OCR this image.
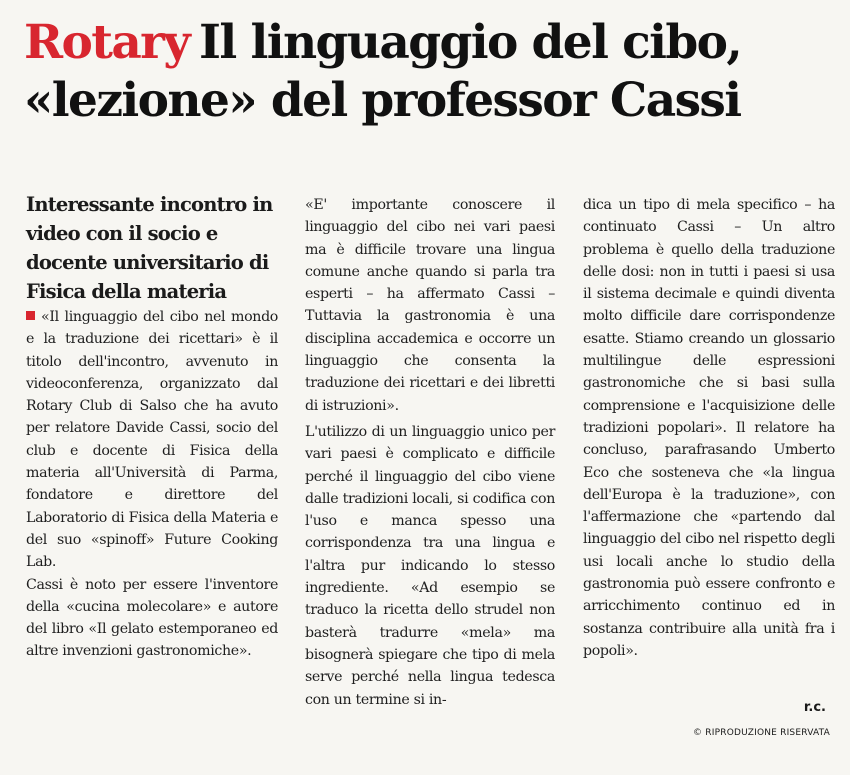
Rotary Il linguaggio del cibo,
«lezione» del professor Cassi

Interessante incontro in video con il socio e docente universitario di Fisica della materia

«Il linguaggio del cibo nel mondo e la traduzione dei ricettari» è il titolo dell'incontro, avvenuto in videoconferenza, organizzato dal Rotary Club di Salso che ha avuto per relatore Davide Cassi, socio del club e docente di Fisica della materia all'Università di Parma, fondatore e direttore del Laboratorio di Fisica della Materia e del suo «spinoff» Future Cooking Lab.

Cassi è noto per essere l'inventore della «cucina molecolare» e autore del libro «Il gelato estemporaneo ed altre invenzioni gastronomiche».

«E' importante conoscere il linguaggio del cibo nei vari paesi ma è difficile trovare una lingua comune anche quando si parla tra esperti – ha affermato Cassi – Tuttavia la gastronomia è una disciplina accademica e occorre un linguaggio che consenta la traduzione dei ricettari e dei libretti di istruzioni».

L'utilizzo di un linguaggio unico per vari paesi è complicato e difficile perché il linguaggio del cibo viene dalle tradizioni locali, si codifica con l'uso e manca spesso una corrispondenza tra una lingua e l'altra pur indicando lo stesso ingrediente. «Ad esempio se traduco la ricetta dello strudel non basterà tradurre «mela» ma bisognerà spiegare che tipo di mela serve perché nella lingua tedesca con un termine si in-

dica un tipo di mela specifico – ha continuato Cassi – Un altro problema è quello della traduzione delle dosi: non in tutti i paesi si usa il sistema decimale e quindi diventa molto difficile dare corrispondenze esatte. Stiamo creando un glossario multilingue delle espressioni gastronomiche che si basi sulla comprensione e l'acquisizione delle tradizioni popolari». Il relatore ha concluso, parafrasando Umberto Eco che sosteneva che «la lingua dell'Europa è la traduzione», con l'affermazione che «partendo dal linguaggio del cibo nel rispetto degli usi locali anche lo studio della gastronomia può essere confronto e arricchimento continuo ed in sostanza contribuire alla unità fra i popoli».

r.c.
© RIPRODUZIONE RISERVATA
